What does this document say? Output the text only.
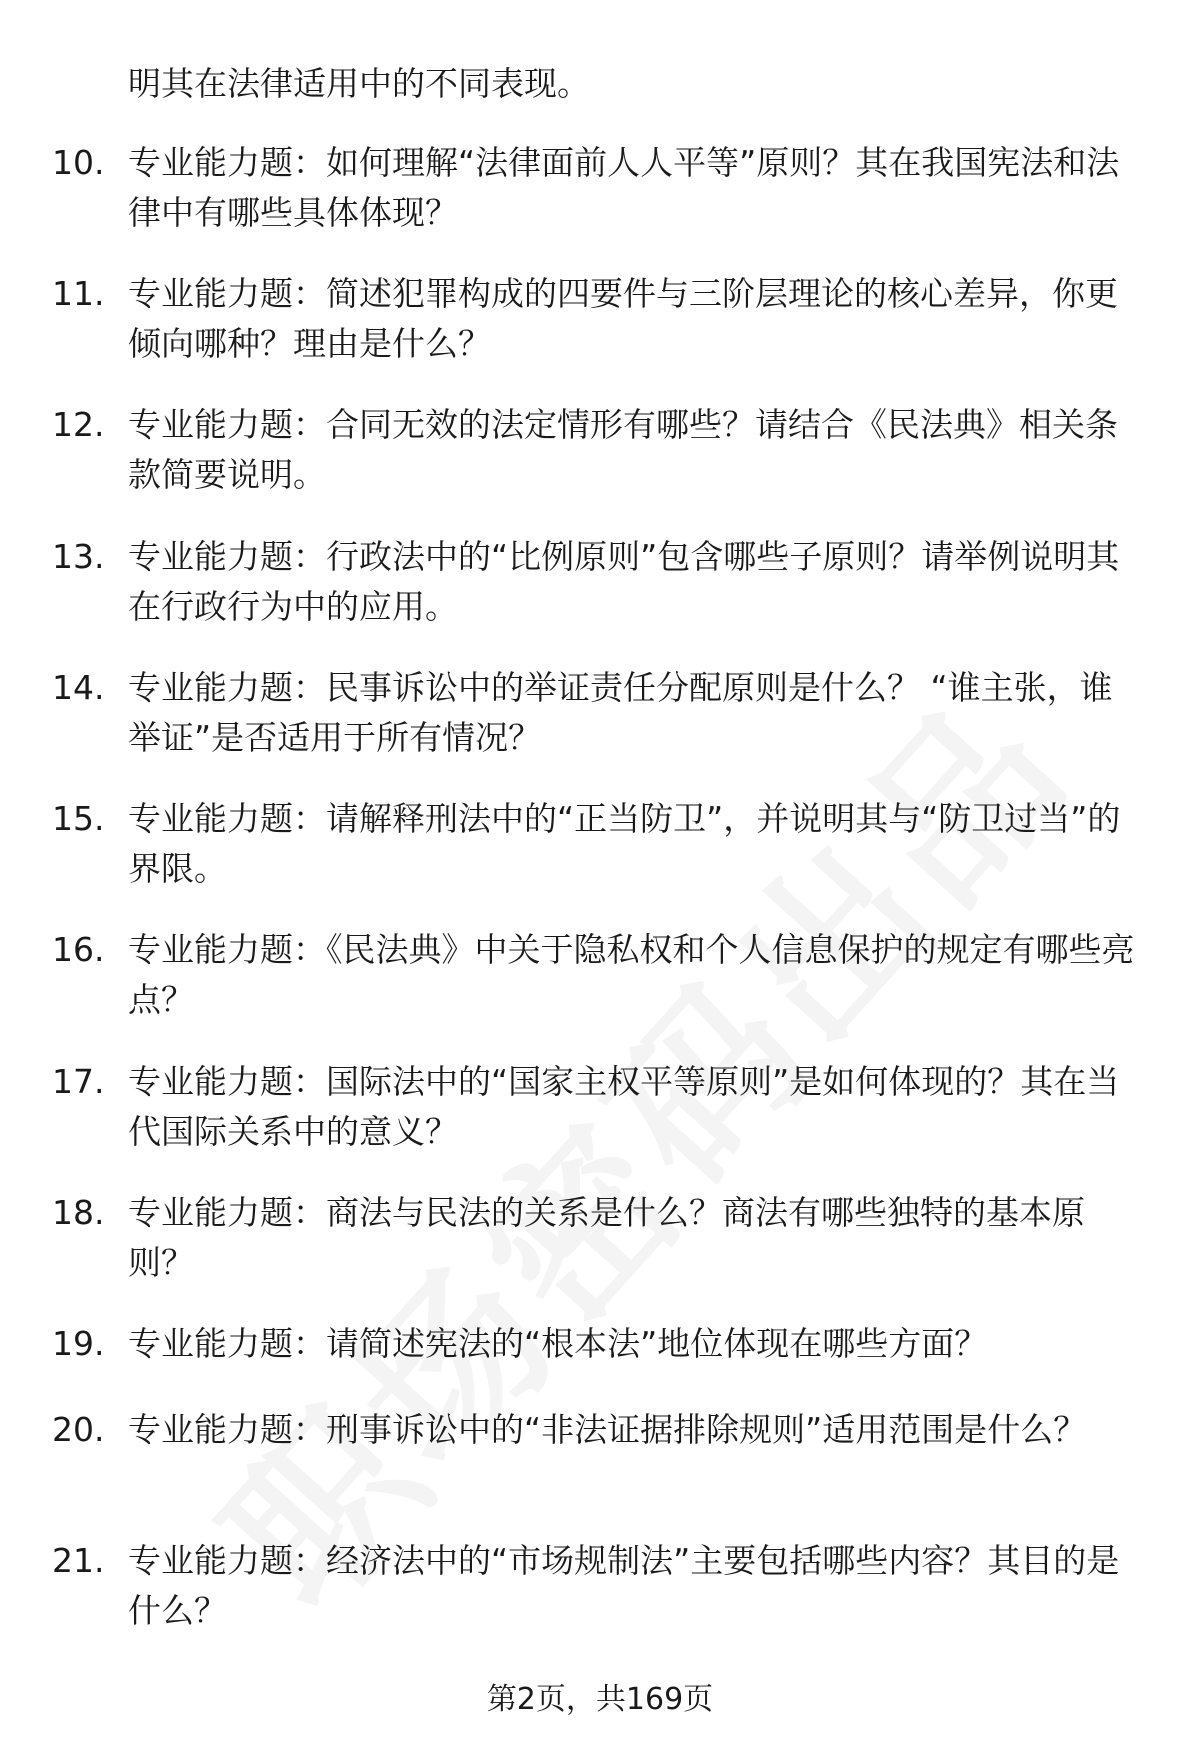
明其在法律适用中的不同表现。
10. 专业能力题：如何理解“法律面前人人平等”原则？其在我国宪法和法律中有哪些具体体现？
11. 专业能力题：简述犯罪构成的四要件与三阶层理论的核心差异，你更倾向哪种？理由是什么？
12. 专业能力题：合同无效的法定情形有哪些？请结合《民法典》相关条款简要说明。
13. 专业能力题：行政法中的“比例原则”包含哪些子原则？请举例说明其在行政行为中的应用。
14. 专业能力题：民事诉讼中的举证责任分配原则是什么？ “谁主张，谁举证”是否适用于所有情况？
15. 专业能力题：请解释刑法中的“正当防卫”，并说明其与“防卫过当”的界限。
16. 专业能力题：《民法典》中关于隐私权和个人信息保护的规定有哪些亮点？
17. 专业能力题：国际法中的“国家主权平等原则”是如何体现的？其在当代国际关系中的意义？
18. 专业能力题：商法与民法的关系是什么？商法有哪些独特的基本原则？
19. 专业能力题：请简述宪法的“根本法”地位体现在哪些方面？
20. 专业能力题：刑事诉讼中的“非法证据排除规则”适用范围是什么？
21. 专业能力题：经济法中的“市场规制法”主要包括哪些内容？其目的是什么？
第2页，共169页
